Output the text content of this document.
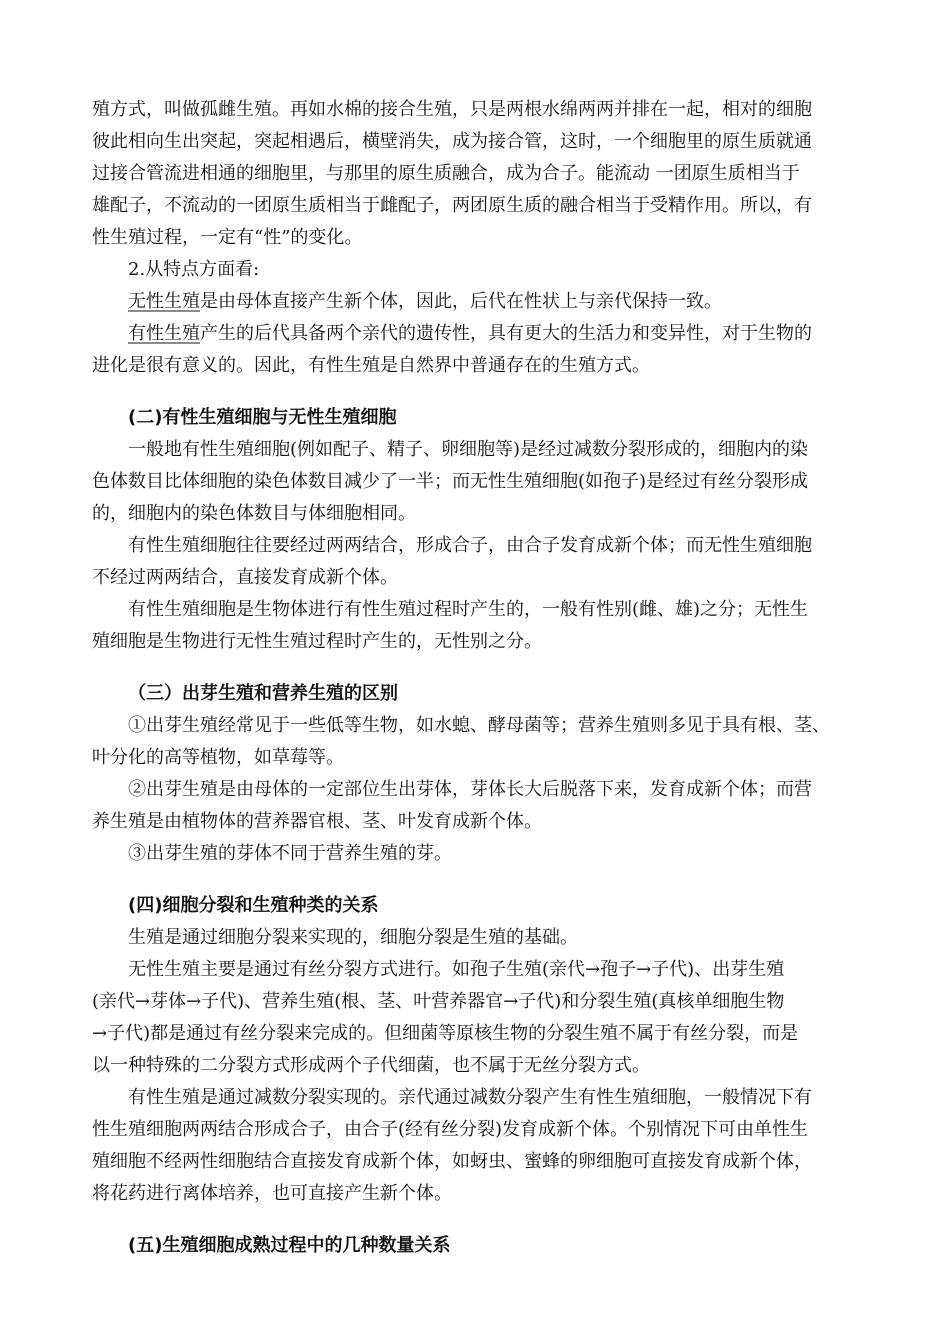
殖方式，叫做孤雌生殖。再如水棉的接合生殖，只是两根水绵两两并排在一起，相对的细胞

彼此相向生出突起，突起相遇后，横壁消失，成为接合管，这时，一个细胞里的原生质就通

过接合管流进相通的细胞里，与那里的原生质融合，成为合子。能流动 一团原生质相当于

雄配子，不流动的一团原生质相当于雌配子，两团原生质的融合相当于受精作用。所以，有

性生殖过程，一定有“性”的变化。

2.从特点方面看:

无性生殖是由母体直接产生新个体，因此，后代在性状上与亲代保持一致。

有性生殖产生的后代具备两个亲代的遗传性，具有更大的生活力和变异性，对于生物的

进化是很有意义的。因此，有性生殖是自然界中普通存在的生殖方式。

(二)有性生殖细胞与无性生殖细胞

一般地有性生殖细胞(例如配子、精子、卵细胞等)是经过减数分裂形成的，细胞内的染

色体数目比体细胞的染色体数目减少了一半；而无性生殖细胞(如孢子)是经过有丝分裂形成

的，细胞内的染色体数目与体细胞相同。

有性生殖细胞往往要经过两两结合，形成合子，由合子发育成新个体；而无性生殖细胞

不经过两两结合，直接发育成新个体。

有性生殖细胞是生物体进行有性生殖过程时产生的，一般有性别(雌、雄)之分；无性生

殖细胞是生物进行无性生殖过程时产生的，无性别之分。

（三）出芽生殖和营养生殖的区别

①出芽生殖经常见于一些低等生物，如水螅、酵母菌等；营养生殖则多见于具有根、茎、

叶分化的高等植物，如草莓等。

②出芽生殖是由母体的一定部位生出芽体，芽体长大后脱落下来，发育成新个体；而营

养生殖是由植物体的营养器官根、茎、叶发育成新个体。

③出芽生殖的芽体不同于营养生殖的芽。

(四)细胞分裂和生殖种类的关系

生殖是通过细胞分裂来实现的，细胞分裂是生殖的基础。

无性生殖主要是通过有丝分裂方式进行。如孢子生殖(亲代→孢子→子代)、出芽生殖

(亲代→芽体→子代)、营养生殖(根、茎、叶营养器官→子代)和分裂生殖(真核单细胞生物

→子代)都是通过有丝分裂来完成的。但细菌等原核生物的分裂生殖不属于有丝分裂，而是

以一种特殊的二分裂方式形成两个子代细菌，也不属于无丝分裂方式。

有性生殖是通过减数分裂实现的。亲代通过减数分裂产生有性生殖细胞，一般情况下有

性生殖细胞两两结合形成合子，由合子(经有丝分裂)发育成新个体。个别情况下可由单性生

殖细胞不经两性细胞结合直接发育成新个体，如蚜虫、蜜蜂的卵细胞可直接发育成新个体，

将花药进行离体培养，也可直接产生新个体。

(五)生殖细胞成熟过程中的几种数量关系
